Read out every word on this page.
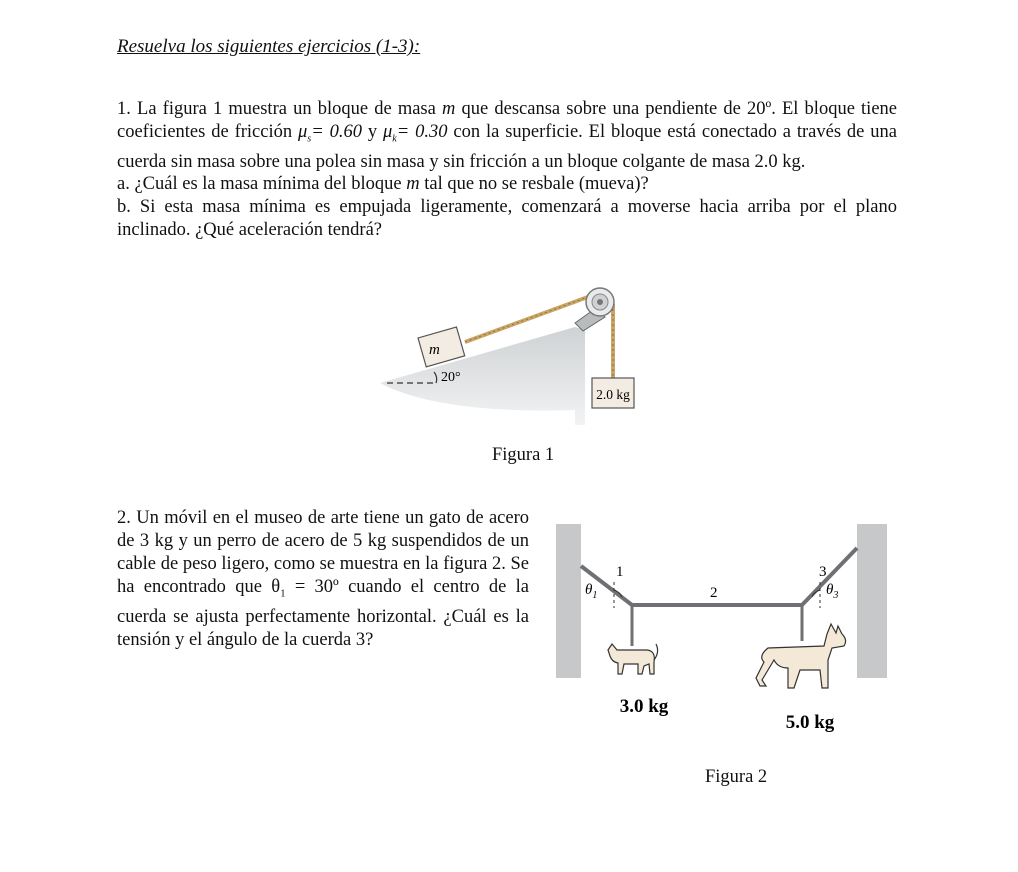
Resuelva los siguientes ejercicios (1-3):

1. La figura 1 muestra un bloque de masa m que descansa sobre una pendiente de 20º. El bloque tiene coeficientes de fricción $\mu_s= 0.60$ y $\mu_k= 0.30$ con la superficie. El bloque está conectado a través de una cuerda sin masa sobre una polea sin masa y sin fricción a un bloque colgante de masa 2.0 kg.

a. ¿Cuál es la masa mínima del bloque m tal que no se resbale (mueva)?

b. Si esta masa mínima es empujada ligeramente, comenzará a moverse hacia arriba por el plano inclinado. ¿Qué aceleración tendrá?

20°
m
2.0 kg
Figura 1
2. Un móvil en el museo de arte tiene un gato de acero de 3 kg y un perro de acero de 5 kg suspendidos de un cable de peso ligero, como se muestra en la figura 2. Se ha encontrado que $\theta_1$ = 30º cuando el centro de la cuerda se ajusta perfectamente horizontal. ¿Cuál es la tensión y el ángulo de la cuerda 3?
1
2
3
$\theta_1$	$\theta_3$
3.0 kg
5.0 kg
Figura 2
